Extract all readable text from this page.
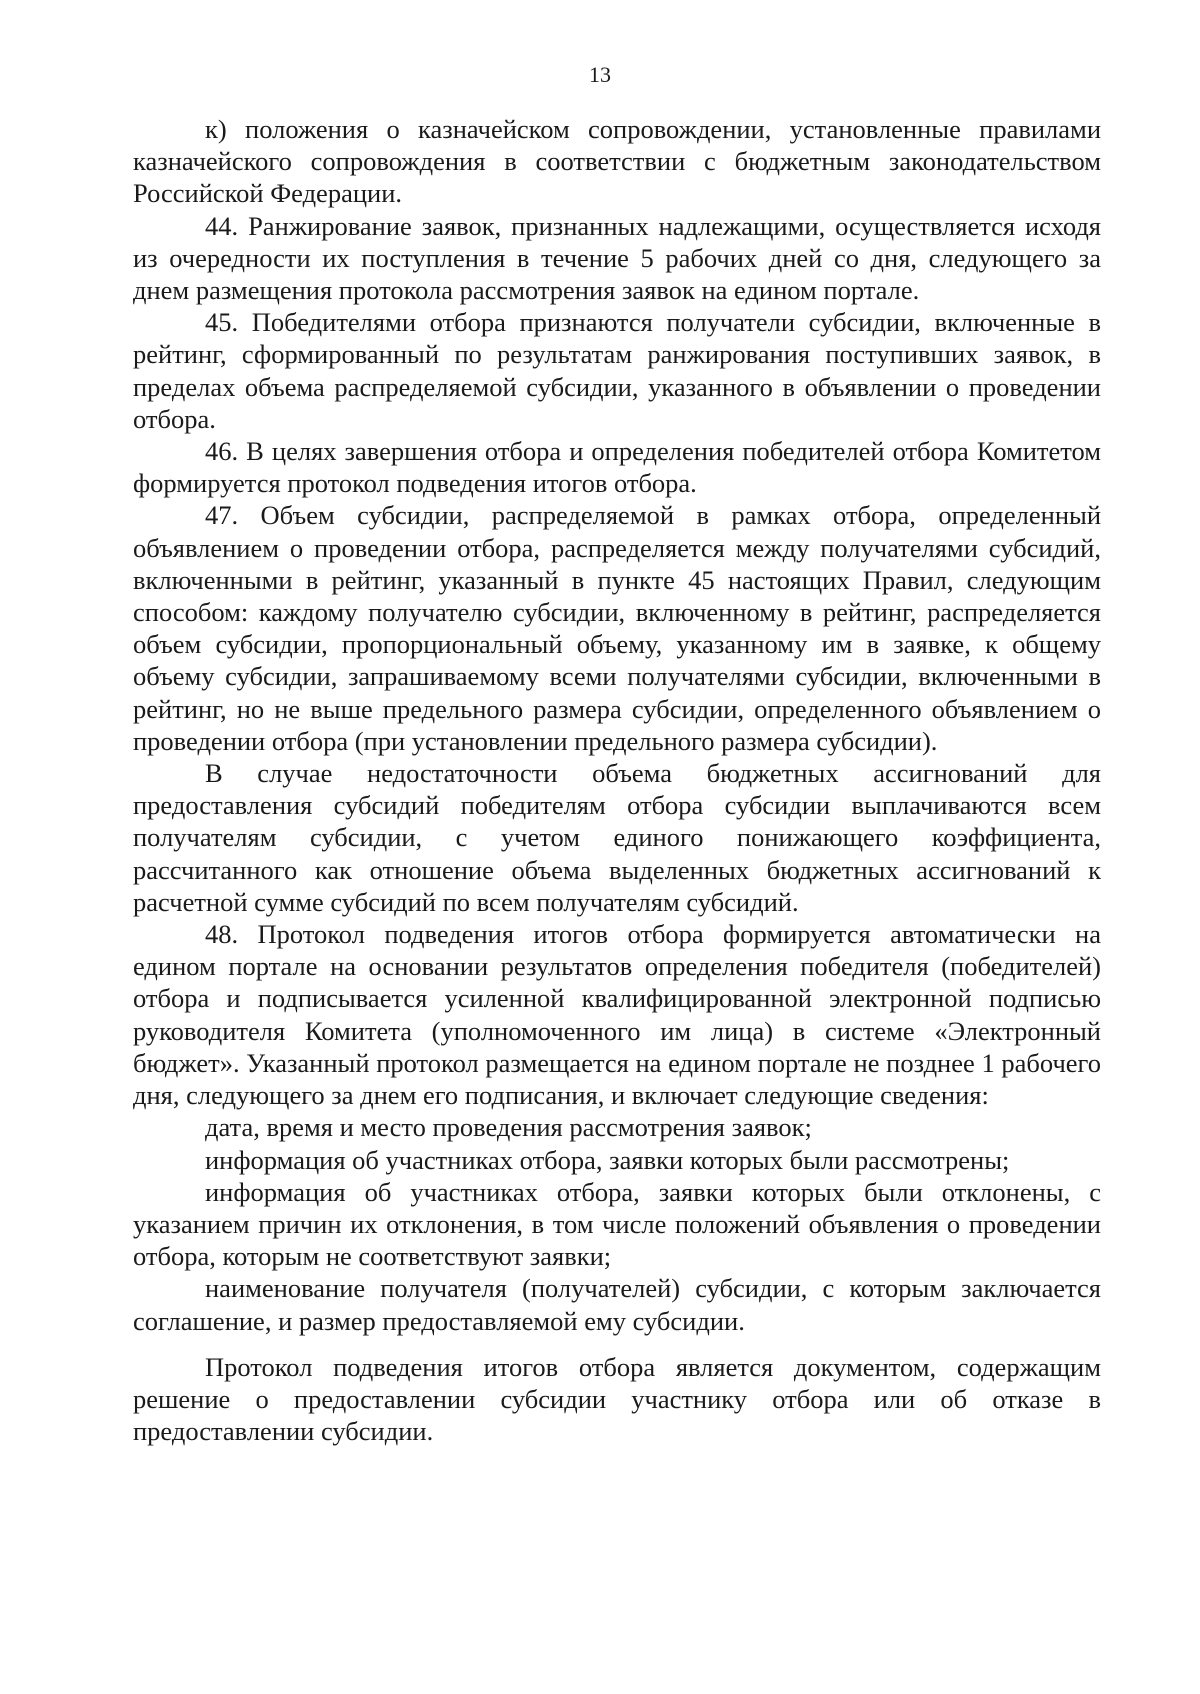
13

к) положения о казначейском сопровождении, установленные правилами казначейского сопровождения в соответствии с бюджетным законодательством Российской Федерации.

44. Ранжирование заявок, признанных надлежащими, осуществляется исходя из очередности их поступления в течение 5 рабочих дней со дня, следующего за днем размещения протокола рассмотрения заявок на едином портале.

45. Победителями отбора признаются получатели субсидии, включенные в рейтинг, сформированный по результатам ранжирования поступивших заявок, в пределах объема распределяемой субсидии, указанного в объявлении о проведении отбора.

46. В целях завершения отбора и определения победителей отбора Комитетом формируется протокол подведения итогов отбора.

47. Объем субсидии, распределяемой в рамках отбора, определенный объявлением о проведении отбора, распределяется между получателями субсидий, включенными в рейтинг, указанный в пункте 45 настоящих Правил, следующим способом: каждому получателю субсидии, включенному в рейтинг, распределяется объем субсидии, пропорциональный объему, указанному им в заявке, к общему объему субсидии, запрашиваемому всеми получателями субсидии, включенными в рейтинг, но не выше предельного размера субсидии, определенного объявлением о проведении отбора (при установлении предельного размера субсидии).

В случае недостаточности объема бюджетных ассигнований для предоставления субсидий победителям отбора субсидии выплачиваются всем получателям субсидии, с учетом единого понижающего коэффициента, рассчитанного как отношение объема выделенных бюджетных ассигнований к расчетной сумме субсидий по всем получателям субсидий.

48. Протокол подведения итогов отбора формируется автоматически на едином портале на основании результатов определения победителя (победителей) отбора и подписывается усиленной квалифицированной электронной подписью руководителя Комитета (уполномоченного им лица) в системе «Электронный бюджет». Указанный протокол размещается на едином портале не позднее 1 рабочего дня, следующего за днем его подписания, и включает следующие сведения:

дата, время и место проведения рассмотрения заявок;

информация об участниках отбора, заявки которых были рассмотрены;

информация об участниках отбора, заявки которых были отклонены, с указанием причин их отклонения, в том числе положений объявления о проведении отбора, которым не соответствуют заявки;

наименование получателя (получателей) субсидии, с которым заключается соглашение, и размер предоставляемой ему субсидии.

Протокол подведения итогов отбора является документом, содержащим решение о предоставлении субсидии участнику отбора или об отказе в предоставлении субсидии.
